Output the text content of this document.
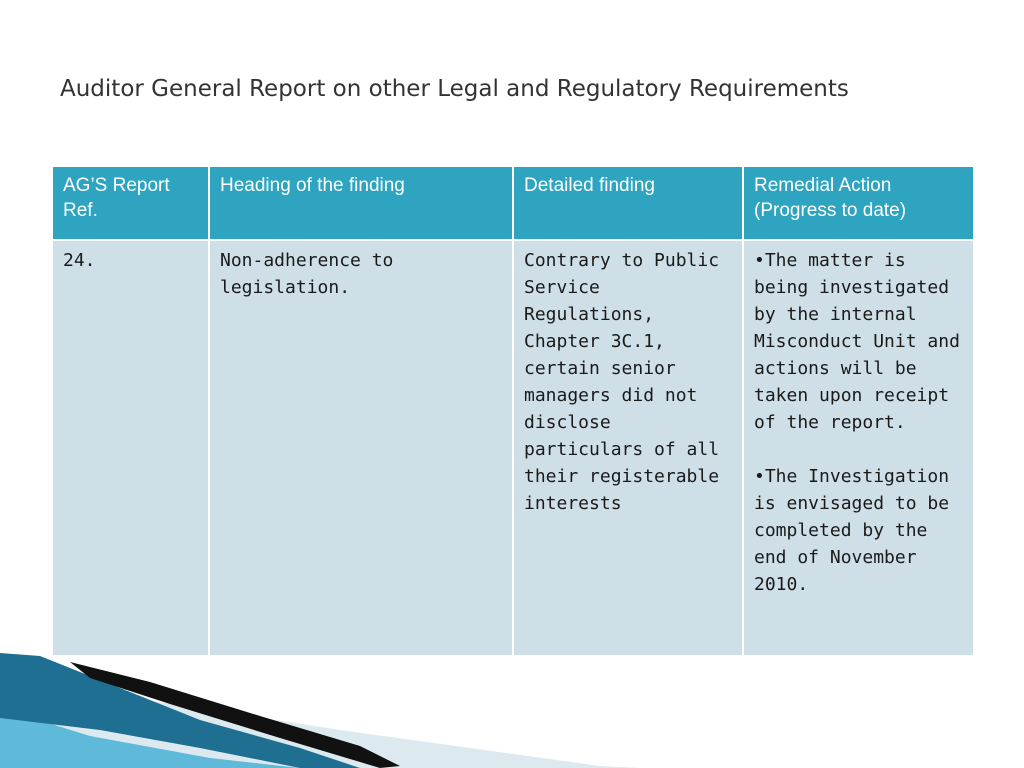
Auditor General Report on other Legal and Regulatory Requirements
AG’S Report Ref.	Heading of the finding	Detailed finding	Remedial Action (Progress to date)
24.	Non-adherence to legislation.	Contrary to Public Service Regulations, Chapter 3C.1, certain senior managers did not disclose particulars of all their registerable interests	•The matter is being investigated by the internal Misconduct Unit and actions will be taken upon receipt of the report.

•The Investigation is envisaged to be completed by the end of November 2010.
